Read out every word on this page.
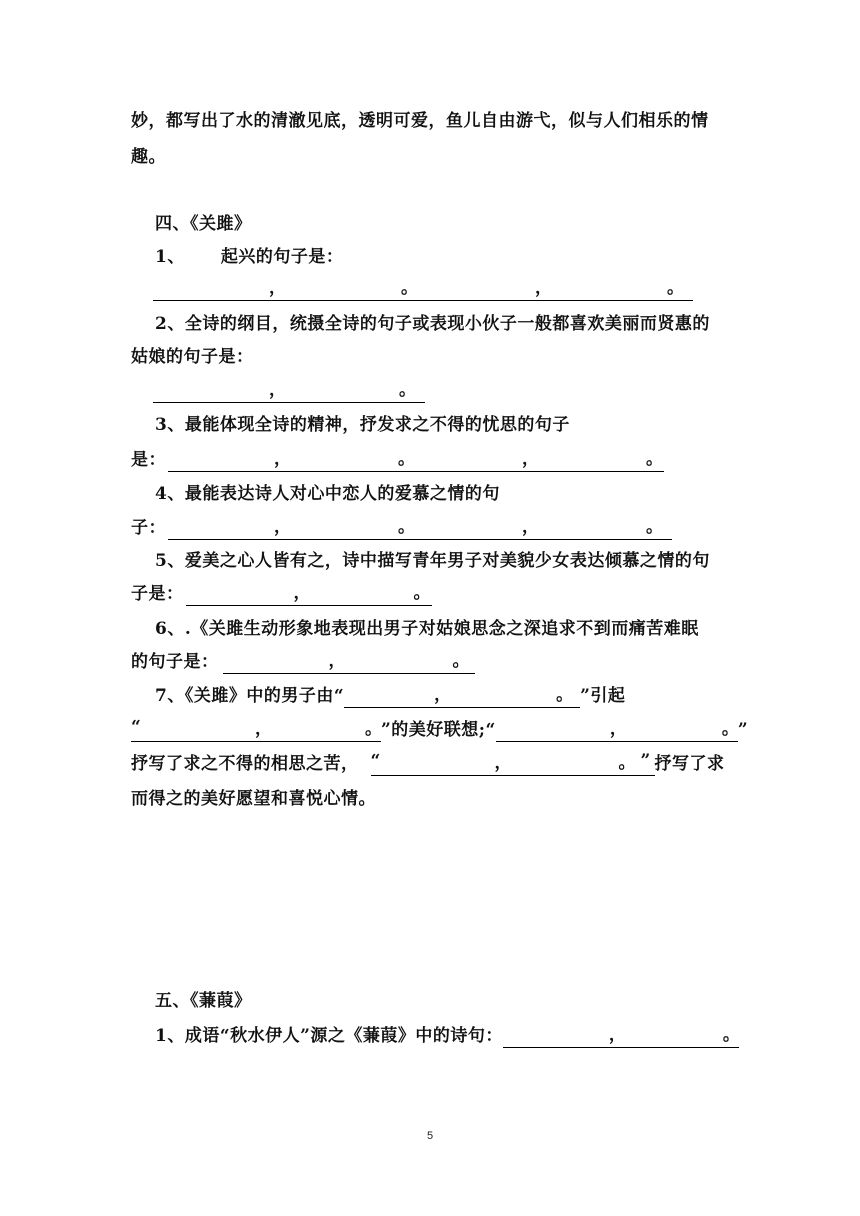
妙，都写出了水的清澈见底，透明可爱，鱼儿自由游弋，似与人们相乐的情
趣。
四、《关雎》
1、 起兴的句子是：
，	。	，	。
2、全诗的纲目，统摄全诗的句子或表现小伙子一般都喜欢美丽而贤惠的
姑娘的句子是：
，	。
3、最能体现全诗的精神，抒发求之不得的忧思的句子
是：	，	。	，	。
4、最能表达诗人对心中恋人的爱慕之情的句
子：	，	。	，	。
5、爱美之心人皆有之，诗中描写青年男子对美貌少女表达倾慕之情的句
子是：	，	。
6、.《关雎生动形象地表现出男子对姑娘思念之深追求不到而痛苦难眠
的句子是：	，	。
7、《关雎》中的男子由“	，	。 ”引起
“	，	。
”的美好联想;“	，	。
”
抒写了求之不得的相思之苦， “	，	。 ” 抒写了求
而得之的美好愿望和喜悦心情。
五、《蒹葭》
1、成语“秋水伊人”源之《蒹葭》中的诗句：	，	。
5
